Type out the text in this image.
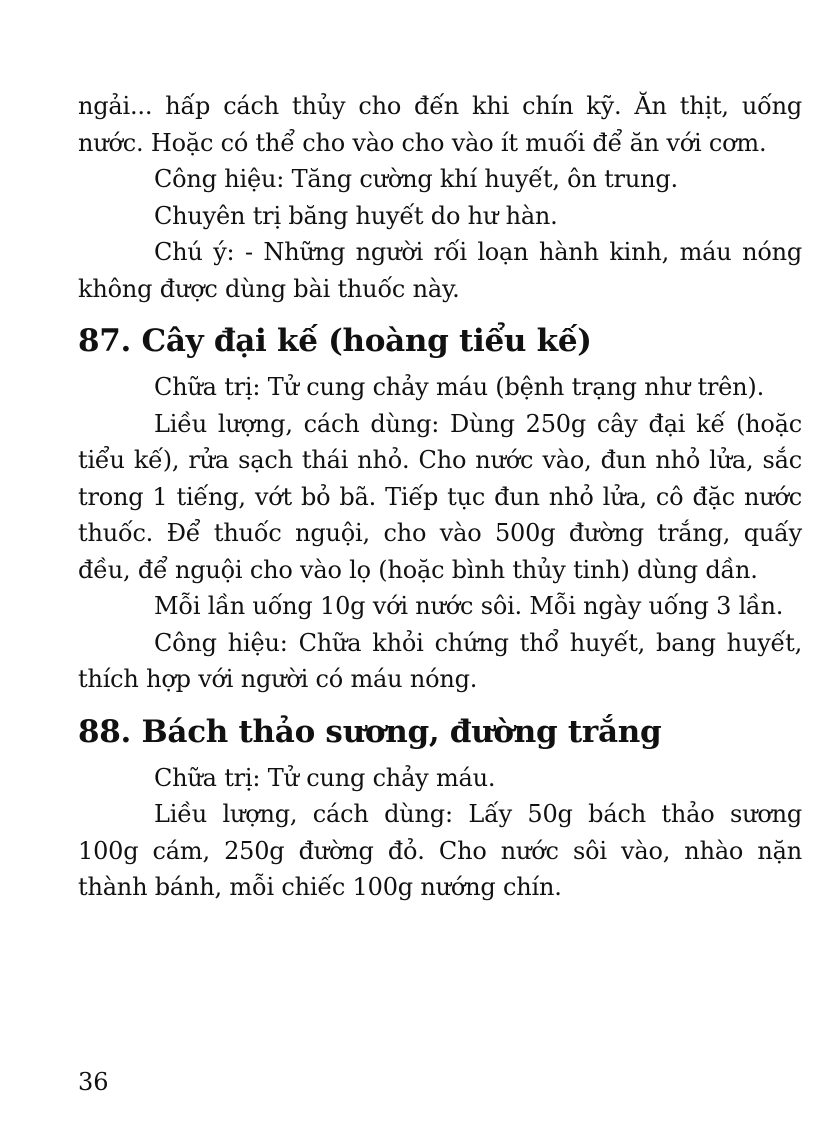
ngải... hấp cách thủy cho đến khi chín kỹ. Ăn thịt, uống nước. Hoặc có thể cho vào cho vào ít muối để ăn với cơm.

Công hiệu: Tăng cường khí huyết, ôn trung.

Chuyên trị băng huyết do hư hàn.

Chú ý: - Những người rối loạn hành kinh, máu nóng không được dùng bài thuốc này.

87. Cây đại kế (hoàng tiểu kế)

Chữa trị: Tử cung chảy máu (bệnh trạng như trên).

Liều lượng, cách dùng: Dùng 250g cây đại kế (hoặc tiểu kế), rửa sạch thái nhỏ. Cho nước vào, đun nhỏ lửa, sắc trong 1 tiếng, vớt bỏ bã. Tiếp tục đun nhỏ lửa, cô đặc nước thuốc. Để thuốc nguội, cho vào 500g đường trắng, quấy đều, để nguội cho vào lọ (hoặc bình thủy tinh) dùng dần.

Mỗi lần uống 10g với nước sôi. Mỗi ngày uống 3 lần.

Công hiệu: Chữa khỏi chứng thổ huyết, bang huyết, thích hợp với người có máu nóng.

88. Bách thảo sương, đường trắng

Chữa trị: Tử cung chảy máu.

Liều lượng, cách dùng: Lấy 50g bách thảo sương 100g cám, 250g đường đỏ. Cho nước sôi vào, nhào nặn thành bánh, mỗi chiếc 100g nướng chín.

36
